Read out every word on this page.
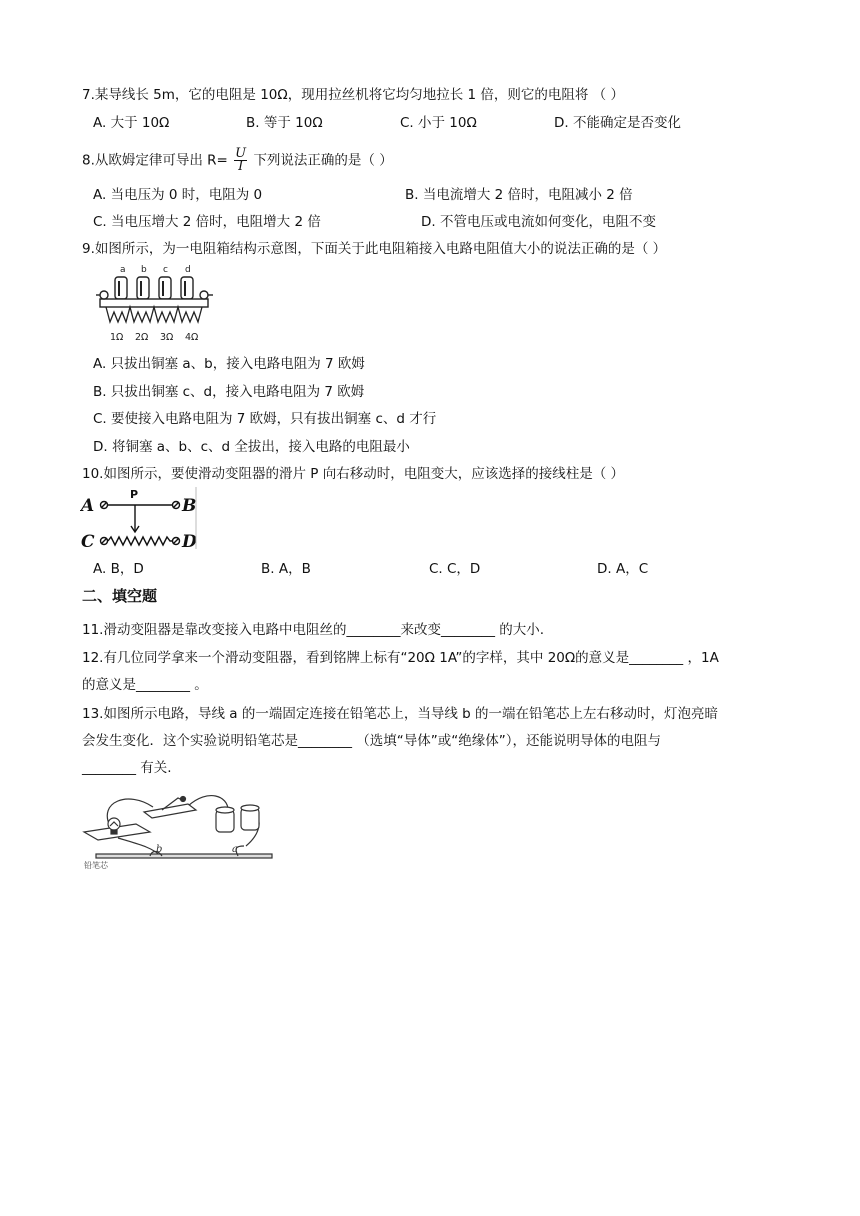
7.某导线长 5m，它的电阻是 10Ω，现用拉丝机将它均匀地拉长 1 倍，则它的电阻将 （ ）
A. 大于 10Ω	B. 等于 10Ω	C. 小于 10Ω	D. 不能确定是否变化
8.从欧姆定律可导出 $R= \frac{U}{I}$ 下列说法正确的是（ ）
A. 当电压为 0 时，电阻为 0	B. 当电流增大 2 倍时，电阻减小 2 倍
C. 当电压增大 2 倍时，电阻增大 2 倍	D. 不管电压或电流如何变化，电阻不变
9.如图所示，为一电阻箱结构示意图，下面关于此电阻箱接入电路电阻值大小的说法正确的是（ ）
a b c d
1Ω 2Ω 3Ω 4Ω
A. 只拔出铜塞 a、b，接入电路电阻为 7 欧姆
B. 只拔出铜塞 c、d，接入电路电阻为 7 欧姆
C. 要使接入电路电阻为 7 欧姆，只有拔出铜塞 c、d 才行
D. 将铜塞 a、b、c、d 全拔出，接入电路的电阻最小
10.如图所示，要使滑动变阻器的滑片 P 向右移动时，电阻变大，应该选择的接线柱是（ ）
A	B
C	D
P
A. B，D	B. A，B	C. C，D	D. A，C
二、填空题
11.滑动变阻器是靠改变接入电路中电阻丝的________来改变________ 的大小.
12.有几位同学拿来一个滑动变阻器，看到铭牌上标有“20Ω 1A”的字样，其中 20Ω的意义是________ ，1A
的意义是________ 。
13.如图所示电路，导线 a 的一端固定连接在铅笔芯上，当导线 b 的一端在铅笔芯上左右移动时，灯泡亮暗
会发生变化．这个实验说明铅笔芯是________ （选填“导体”或“绝缘体”），还能说明导体的电阻与
________ 有关.
b	a
铅笔芯
